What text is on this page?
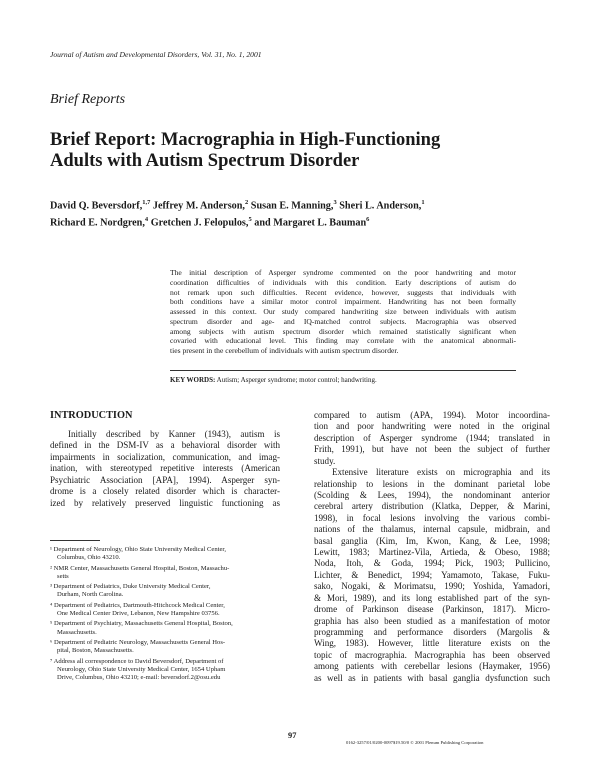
Journal of Autism and Developmental Disorders, Vol. 31, No. 1, 2001
Brief Reports
Brief Report: Macrographia in High-Functioning
Adults with Autism Spectrum Disorder
David Q. Beversdorf,$^{1,7}$ Jeffrey M. Anderson,$^2$ Susan E. Manning,$^3$ Sheri L. Anderson,$^1$
Richard E. Nordgren,$^4$ Gretchen J. Felopulos,$^5$ and Margaret L. Bauman$^6$
The initial description of Asperger syndrome commented on the poor handwriting and motor
coordination difficulties of individuals with this condition. Early descriptions of autism do
not remark upon such difficulties. Recent evidence, however, suggests that individuals with
both conditions have a similar motor control impairment. Handwriting has not been formally
assessed in this context. Our study compared handwriting size between individuals with autism
spectrum disorder and age- and IQ-matched control subjects. Macrographia was observed
among subjects with autism spectrum disorder which remained statistically significant when
covaried with educational level. This finding may correlate with the anatomical abnormali-
ties present in the cerebellum of individuals with autism spectrum disorder.
KEY WORDS: Autism; Asperger syndrome; motor control; handwriting.
INTRODUCTION
Initially described by Kanner (1943), autism is
defined in the DSM-IV as a behavioral disorder with
impairments in socialization, communication, and imag-
ination, with stereotyped repetitive interests (American
Psychiatric Association [APA], 1994). Asperger syn-
drome is a closely related disorder which is character-
ized by relatively preserved linguistic functioning as
compared to autism (APA, 1994). Motor incoordina-
tion and poor handwriting were noted in the original
description of Asperger syndrome (1944; translated in
Frith, 1991), but have not been the subject of further
study.
Extensive literature exists on micrographia and its
relationship to lesions in the dominant parietal lobe
(Scolding & Lees, 1994), the nondominant anterior
cerebral artery distribution (Klatka, Depper, & Marini,
1998), in focal lesions involving the various combi-
nations of the thalamus, internal capsule, midbrain, and
basal ganglia (Kim, Im, Kwon, Kang, & Lee, 1998;
Lewitt, 1983; Martinez-Vila, Artieda, & Obeso, 1988;
Noda, Itoh, & Goda, 1994; Pick, 1903; Pullicino,
Lichter, & Benedict, 1994; Yamamoto, Takase, Fuku-
sako, Nogaki, & Morimatsu, 1990; Yoshida, Yamadori,
& Mori, 1989), and its long established part of the syn-
drome of Parkinson disease (Parkinson, 1817). Micro-
graphia has also been studied as a manifestation of motor
programming and performance disorders (Margolis &
Wing, 1983). However, little literature exists on the
topic of macrographia. Macrographia has been observed
among patients with cerebellar lesions (Haymaker, 1956)
as well as in patients with basal ganglia dysfunction such
¹ Department of Neurology, Ohio State University Medical Center,
Columbus, Ohio 43210.
² NMR Center, Massachusetts General Hospital, Boston, Massachu-
setts
³ Department of Pediatrics, Duke University Medical Center,
Durham, North Carolina.
⁴ Department of Pediatrics, Dartmouth-Hitchcock Medical Center,
One Medical Center Drive, Lebanon, New Hampshire 03756.
⁵ Department of Psychiatry, Massachusetts General Hospital, Boston,
Massachusetts.
⁶ Department of Pediatric Neurology, Massachusetts General Hos-
pital, Boston, Massachusetts.
⁷ Address all correspondence to David Beversdorf, Department of
Neurology, Ohio State University Medical Center, 1654 Upham
Drive, Columbus, Ohio 43210; e-mail: beversdorf.2@osu.edu
97
0162-3257/01/0200-0097$19.50/0 © 2001 Plenum Publishing Corporation
